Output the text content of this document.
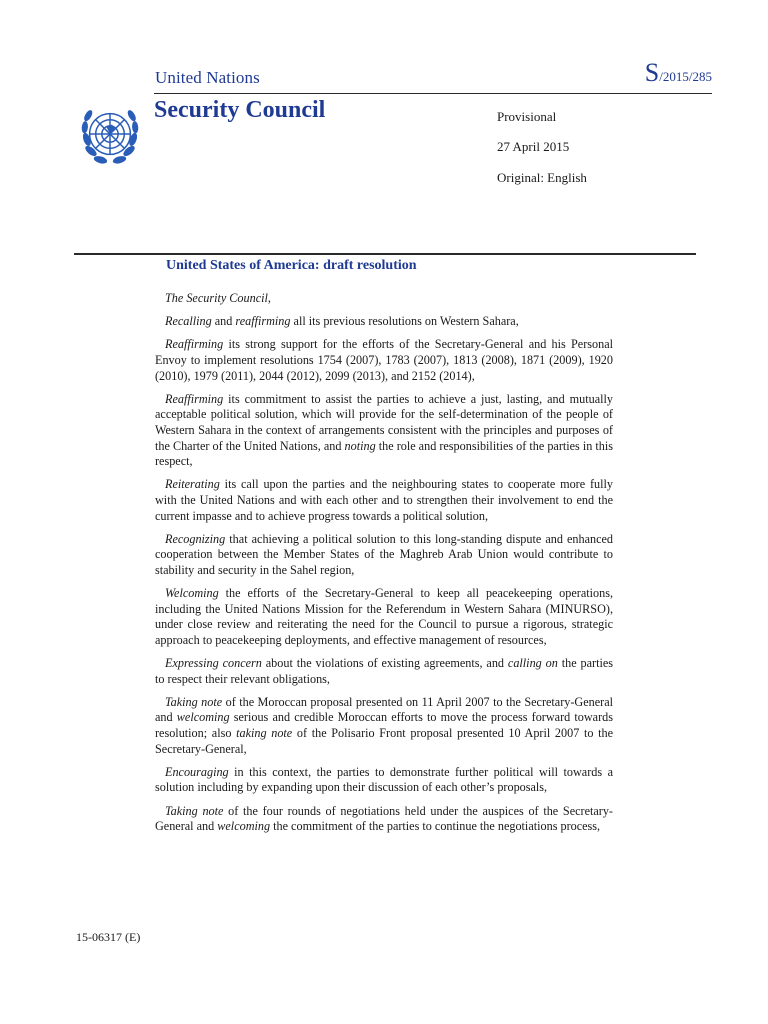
United Nations	S/2015/285
Security Council	Provisional
27 April 2015
Original: English
United States of America: draft resolution

The Security Council,

Recalling and reaffirming all its previous resolutions on Western Sahara,

Reaffirming its strong support for the efforts of the Secretary-General and his Personal Envoy to implement resolutions 1754 (2007), 1783 (2007), 1813 (2008), 1871 (2009), 1920 (2010), 1979 (2011), 2044 (2012), 2099 (2013), and 2152 (2014),

Reaffirming its commitment to assist the parties to achieve a just, lasting, and mutually acceptable political solution, which will provide for the self-determination of the people of Western Sahara in the context of arrangements consistent with the principles and purposes of the Charter of the United Nations, and noting the role and responsibilities of the parties in this respect,

Reiterating its call upon the parties and the neighbouring states to cooperate more fully with the United Nations and with each other and to strengthen their involvement to end the current impasse and to achieve progress towards a political solution,

Recognizing that achieving a political solution to this long-standing dispute and enhanced cooperation between the Member States of the Maghreb Arab Union would contribute to stability and security in the Sahel region,

Welcoming the efforts of the Secretary-General to keep all peacekeeping operations, including the United Nations Mission for the Referendum in Western Sahara (MINURSO), under close review and reiterating the need for the Council to pursue a rigorous, strategic approach to peacekeeping deployments, and effective management of resources,

Expressing concern about the violations of existing agreements, and calling on the parties to respect their relevant obligations,

Taking note of the Moroccan proposal presented on 11 April 2007 to the Secretary-General and welcoming serious and credible Moroccan efforts to move the process forward towards resolution; also taking note of the Polisario Front proposal presented 10 April 2007 to the Secretary-General,

Encouraging in this context, the parties to demonstrate further political will towards a solution including by expanding upon their discussion of each other’s proposals,

Taking note of the four rounds of negotiations held under the auspices of the Secretary-General and welcoming the commitment of the parties to continue the negotiations process,

15-06317 (E)
